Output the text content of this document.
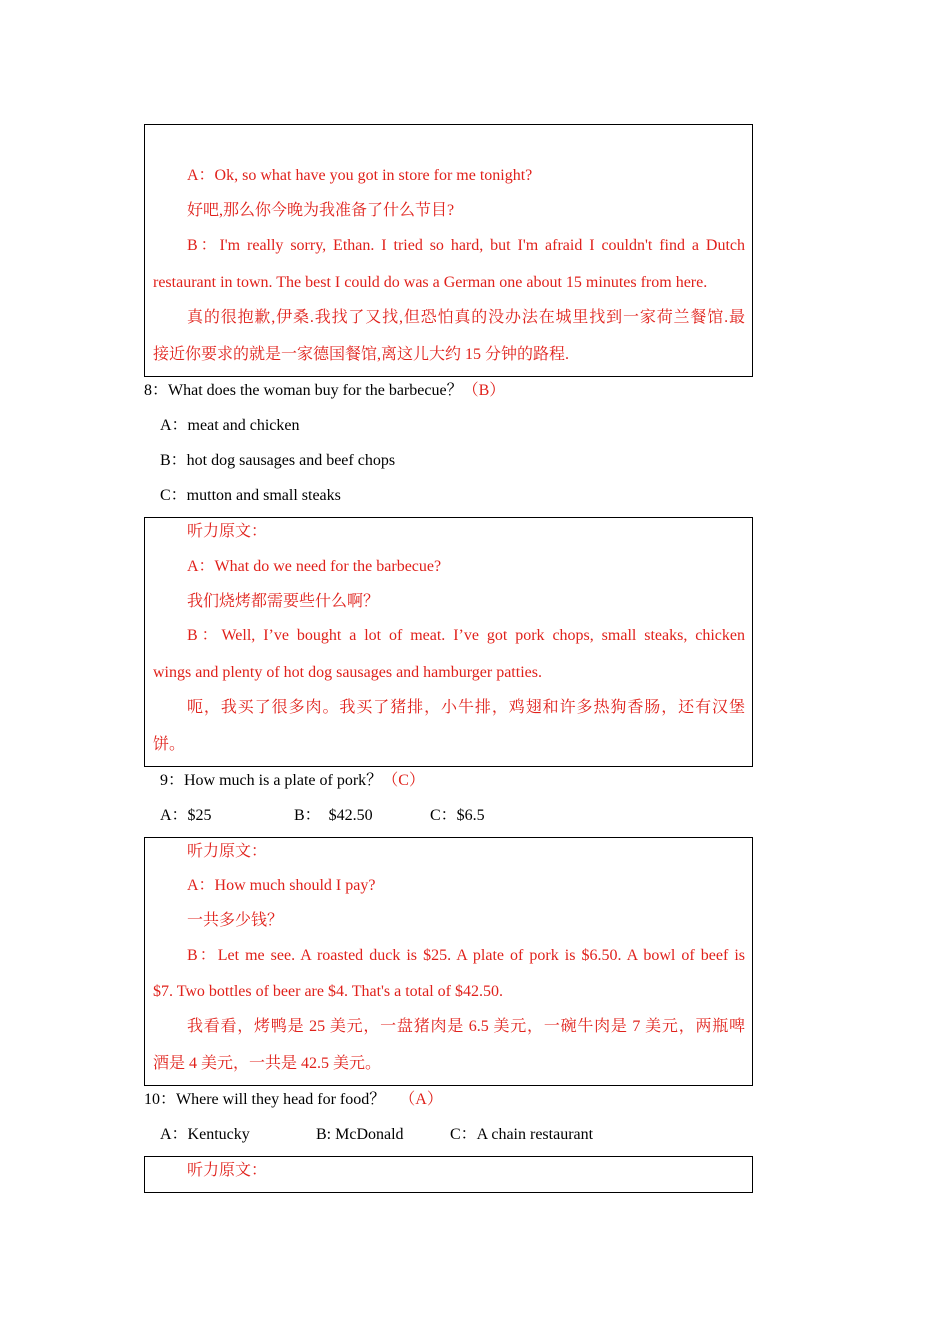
A：Ok, so what have you got in store for me tonight?
好吧,那么你今晚为我准备了什么节目?
B：I'm really sorry, Ethan. I tried so hard, but I'm afraid I couldn't find a Dutch
restaurant in town. The best I could do was a German one about 15 minutes from here.
真的很抱歉,伊桑.我找了又找,但恐怕真的没办法在城里找到一家荷兰餐馆.最
接近你要求的就是一家德国餐馆,离这儿大约 15 分钟的路程.
8：What does the woman buy for the barbecue？（B）
A：meat and chicken
B：hot dog sausages and beef chops
C：mutton and small steaks
听力原文：
A：What do we need for the barbecue?
我们烧烤都需要些什么啊？
B：Well, I’ve bought a lot of meat. I’ve got pork chops, small steaks, chicken
wings and plenty of hot dog sausages and hamburger patties.
呃，我买了很多肉。我买了猪排，小牛排，鸡翅和许多热狗香肠，还有汉堡
饼。
9：How much is a plate of pork？（C）
A：$25	B：  $42.50	C：$6.5
听力原文：
A：How much should I pay?
一共多少钱？
B：Let me see. A roasted duck is $25. A plate of pork is $6.50. A bowl of beef is
$7. Two bottles of beer are $4. That's a total of $42.50.
我看看，烤鸭是 25 美元，一盘猪肉是 6.5 美元，一碗牛肉是 7 美元，两瓶啤
酒是 4 美元，一共是 42.5 美元。
10：Where will they head for food？ （A）
A：Kentucky	B: McDonald	C：A chain restaurant
听力原文：
